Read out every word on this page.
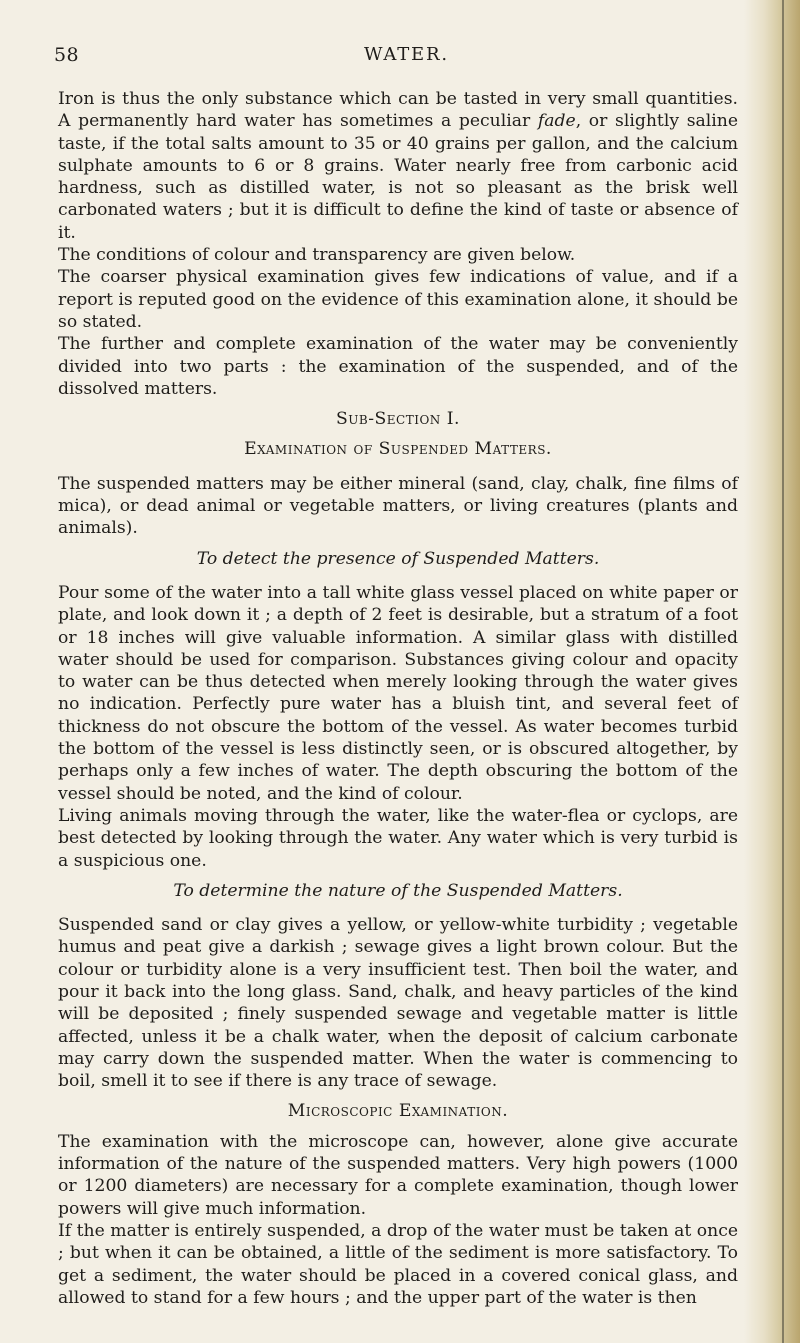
58	WATER.

Iron is thus the only substance which can be tasted in very small quantities. A permanently hard water has sometimes a peculiar fade, or slightly saline taste, if the total salts amount to 35 or 40 grains per gallon, and the calcium sulphate amounts to 6 or 8 grains. Water nearly free from carbonic acid hardness, such as distilled water, is not so pleasant as the brisk well carbonated waters ; but it is difficult to define the kind of taste or absence of it.

The conditions of colour and transparency are given below.

The coarser physical examination gives few indications of value, and if a report is reputed good on the evidence of this examination alone, it should be so stated.

The further and complete examination of the water may be conveniently divided into two parts : the examination of the suspended, and of the dissolved matters.

Sub-Section I.
Examination of Suspended Matters.

The suspended matters may be either mineral (sand, clay, chalk, fine films of mica), or dead animal or vegetable matters, or living creatures (plants and animals).

To detect the presence of Suspended Matters.

Pour some of the water into a tall white glass vessel placed on white paper or plate, and look down it ; a depth of 2 feet is desirable, but a stratum of a foot or 18 inches will give valuable information. A similar glass with distilled water should be used for comparison. Substances giving colour and opacity to water can be thus detected when merely looking through the water gives no indication. Perfectly pure water has a bluish tint, and several feet of thickness do not obscure the bottom of the vessel. As water becomes turbid the bottom of the vessel is less distinctly seen, or is obscured altogether, by perhaps only a few inches of water. The depth obscuring the bottom of the vessel should be noted, and the kind of colour.

Living animals moving through the water, like the water-flea or cyclops, are best detected by looking through the water. Any water which is very turbid is a suspicious one.

To determine the nature of the Suspended Matters.

Suspended sand or clay gives a yellow, or yellow-white turbidity ; vegetable humus and peat give a darkish ; sewage gives a light brown colour. But the colour or turbidity alone is a very insufficient test. Then boil the water, and pour it back into the long glass. Sand, chalk, and heavy particles of the kind will be deposited ; finely suspended sewage and vegetable matter is little affected, unless it be a chalk water, when the deposit of calcium carbonate may carry down the suspended matter. When the water is commencing to boil, smell it to see if there is any trace of sewage.

Microscopic Examination.

The examination with the microscope can, however, alone give accurate information of the nature of the suspended matters. Very high powers (1000 or 1200 diameters) are necessary for a complete examination, though lower powers will give much information.

If the matter is entirely suspended, a drop of the water must be taken at once ; but when it can be obtained, a little of the sediment is more satisfactory. To get a sediment, the water should be placed in a covered conical glass, and allowed to stand for a few hours ; and the upper part of the water is then
